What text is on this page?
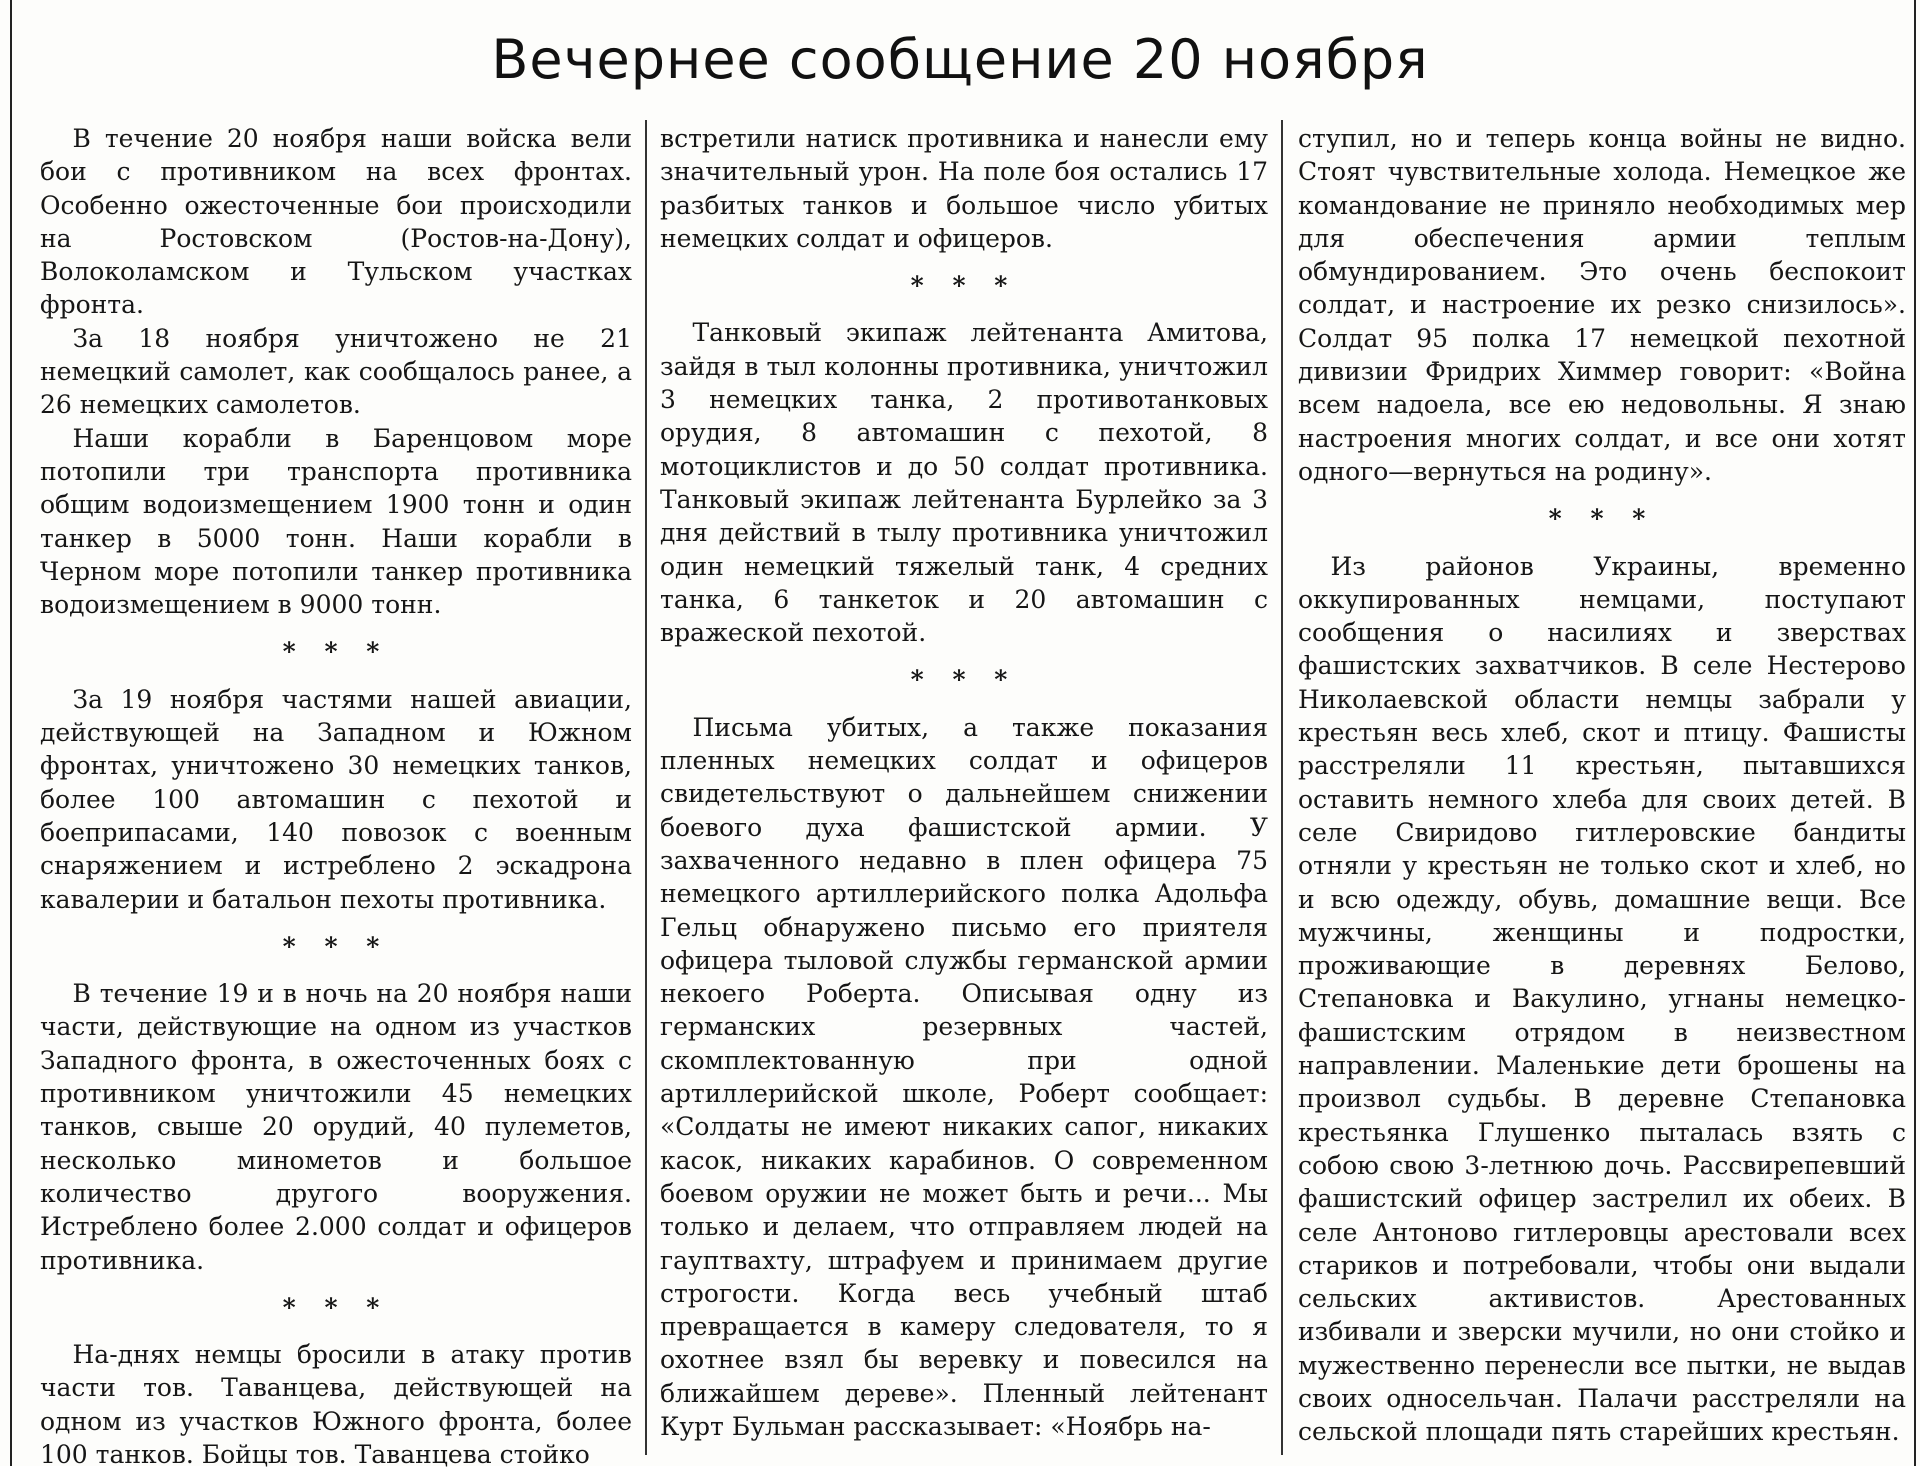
Вечернее сообщение 20 ноября

В течение 20 ноября наши войска вели бои с противником на всех фронтах. Особенно ожесточенные бои происходили на Ростовском (Ростов-на-Дону), Волоколамском и Тульском участках фронта.

За 18 ноября уничтожено не 21 немецкий самолет, как сообщалось ранее, а 26 немецких самолетов.

Наши корабли в Баренцовом море потопили три транспорта противника общим водоизмещением 1900 тонн и один танкер в 5000 тонн. Наши корабли в Черном море потопили танкер противника водоизмещением в 9000 тонн.

* * *

За 19 ноября частями нашей авиации, действующей на Западном и Южном фронтах, уничтожено 30 немецких танков, более 100 автомашин с пехотой и боеприпасами, 140 повозок с военным снаряжением и истреблено 2 эскадрона кавалерии и батальон пехоты противника.

* * *

В течение 19 и в ночь на 20 ноября наши части, действующие на одном из участков Западного фронта, в ожесточенных боях с противником уничтожили 45 немецких танков, свыше 20 орудий, 40 пулеметов, несколько минометов и большое количество другого вооружения. Истреблено более 2.000 солдат и офицеров противника.

* * *

На-днях немцы бросили в атаку против части тов. Таванцева, действующей на одном из участков Южного фронта, более 100 танков. Бойцы тов. Таванцева стойко

встретили натиск противника и нанесли ему значительный урон. На поле боя остались 17 разбитых танков и большое число убитых немецких солдат и офицеров.

* * *

Танковый экипаж лейтенанта Амитова, зайдя в тыл колонны противника, уничтожил 3 немецких танка, 2 противотанковых орудия, 8 автомашин с пехотой, 8 мотоциклистов и до 50 солдат противника. Танковый экипаж лейтенанта Бурлейко за 3 дня действий в тылу противника уничтожил один немецкий тяжелый танк, 4 средних танка, 6 танкеток и 20 автомашин с вражеской пехотой.

* * *

Письма убитых, а также показания пленных немецких солдат и офицеров свидетельствуют о дальнейшем снижении боевого духа фашистской армии. У захваченного недавно в плен офицера 75 немецкого артиллерийского полка Адольфа Гельц обнаружено письмо его приятеля офицера тыловой службы германской армии некоего Роберта. Описывая одну из германских резервных частей, скомплектованную при одной артиллерийской школе, Роберт сообщает: «Солдаты не имеют никаких сапог, никаких касок, никаких карабинов. О современном боевом оружии не может быть и речи... Мы только и делаем, что отправляем людей на гауптвахту, штрафуем и принимаем другие строгости. Когда весь учебный штаб превращается в камеру следователя, то я охотнее взял бы веревку и повесился на ближайшем дереве». Пленный лейтенант Курт Бульман рассказывает: «Ноябрь на-

ступил, но и теперь конца войны не видно. Стоят чувствительные холода. Немецкое же командование не приняло необходимых мер для обеспечения армии теплым обмундированием. Это очень беспокоит солдат, и настроение их резко снизилось». Солдат 95 полка 17 немецкой пехотной дивизии Фридрих Химмер говорит: «Война всем надоела, все ею недовольны. Я знаю настроения многих солдат, и все они хотят одного—вернуться на родину».

* * *

Из районов Украины, временно оккупированных немцами, поступают сообщения о насилиях и зверствах фашистских захватчиков. В селе Нестерово Николаевской области немцы забрали у крестьян весь хлеб, скот и птицу. Фашисты расстреляли 11 крестьян, пытавшихся оставить немного хлеба для своих детей. В селе Свиридово гитлеровские бандиты отняли у крестьян не только скот и хлеб, но и всю одежду, обувь, домашние вещи. Все мужчины, женщины и подростки, проживающие в деревнях Белово, Степановка и Вакулино, угнаны немецко-фашистским отрядом в неизвестном направлении. Маленькие дети брошены на произвол судьбы. В деревне Степановка крестьянка Глушенко пыталась взять с собою свою 3-летнюю дочь. Рассвирепевший фашистский офицер застрелил их обеих. В селе Антоново гитлеровцы арестовали всех стариков и потребовали, чтобы они выдали сельских активистов. Арестованных избивали и зверски мучили, но они стойко и мужественно перенесли все пытки, не выдав своих односельчан. Палачи расстреляли на сельской площади пять старейших крестьян.
